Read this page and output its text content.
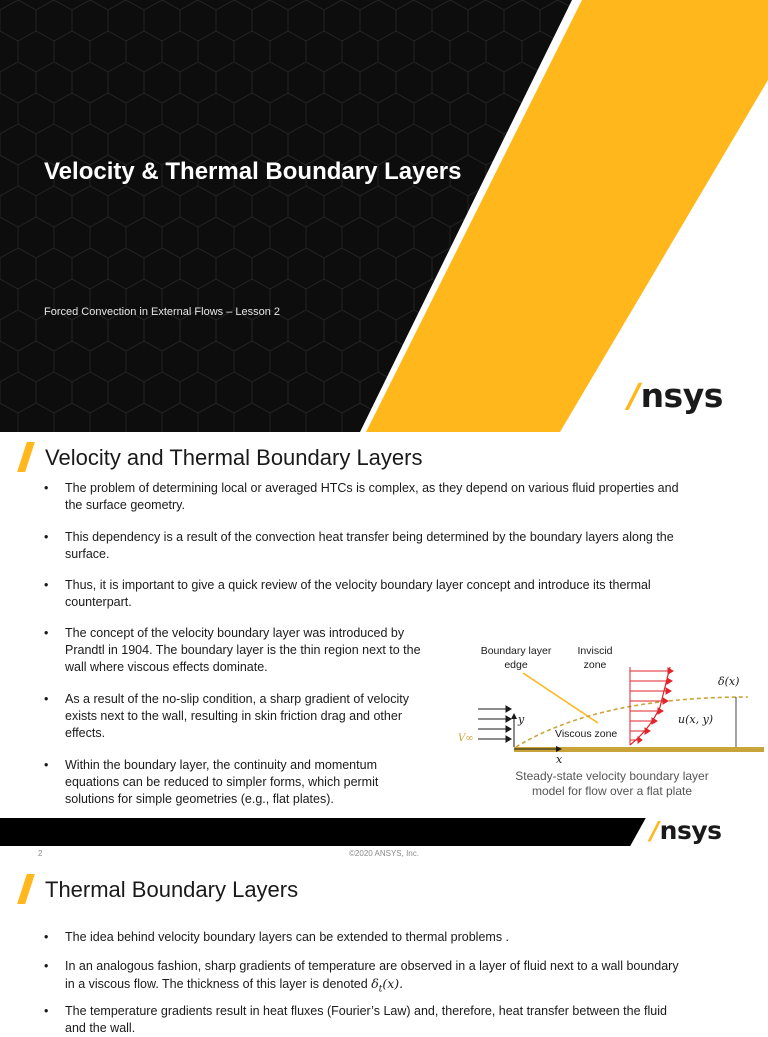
Velocity & Thermal Boundary Layers
Forced Convection in External Flows – Lesson 2
/nsys
Velocity and Thermal Boundary Layers
• The problem of determining local or averaged HTCs is complex, as they depend on various fluid properties and
the surface geometry.
• This dependency is a result of the convection heat transfer being determined by the boundary layers along the
surface.
• Thus, it is important to give a quick review of the velocity boundary layer concept and introduce its thermal
counterpart.
• The concept of the velocity boundary layer was introduced by
Prandtl in 1904. The boundary layer is the thin region next to the
wall where viscous effects dominate.
• As a result of the no-slip condition, a sharp gradient of velocity
exists next to the wall, resulting in skin friction drag and other
effects.
• Within the boundary layer, the continuity and momentum
equations can be reduced to simpler forms, which permit
solutions for simple geometries (e.g., flat plates).
Boundary layer
edge
Inviscid
zone
δ(x)
u(x, y)
Viscous zone
y
x
V∞
Steady-state velocity boundary layer
model for flow over a flat plate
/nsys
2	©2020 ANSYS, Inc.
Thermal Boundary Layers
• The idea behind velocity boundary layers can be extended to thermal problems .
• In an analogous fashion, sharp gradients of temperature are observed in a layer of fluid next to a wall boundary
in a viscous flow. The thickness of this layer is denoted $\delta_t(x)$.
• The temperature gradients result in heat fluxes (Fourier’s Law) and, therefore, heat transfer between the fluid
and the wall.
